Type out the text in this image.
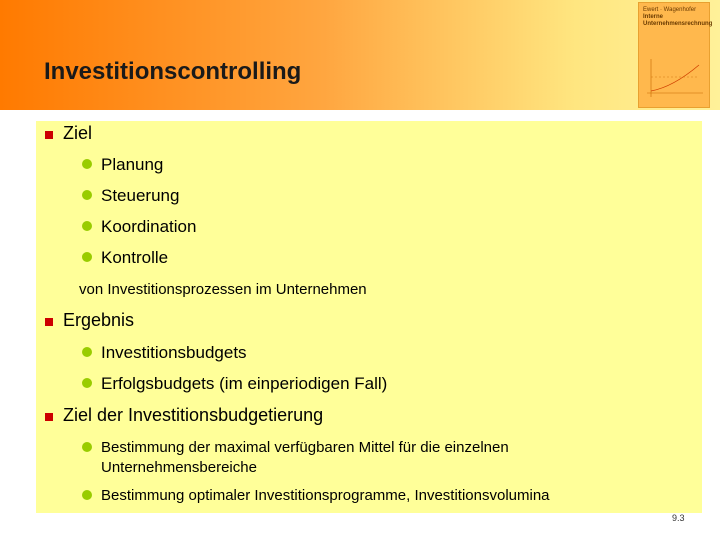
Investitionscontrolling
Ewert · Wagenhofer
Interne
Unternehmensrechnung
Ziel
Planung
Steuerung
Koordination
Kontrolle
von Investitionsprozessen im Unternehmen
Ergebnis
Investitionsbudgets
Erfolgsbudgets (im einperiodigen Fall)
Ziel der Investitionsbudgetierung
Bestimmung der maximal verfügbaren Mittel für die einzelnen
Unternehmensbereiche
Bestimmung optimaler Investitionsprogramme, Investitionsvolumina
9.3
